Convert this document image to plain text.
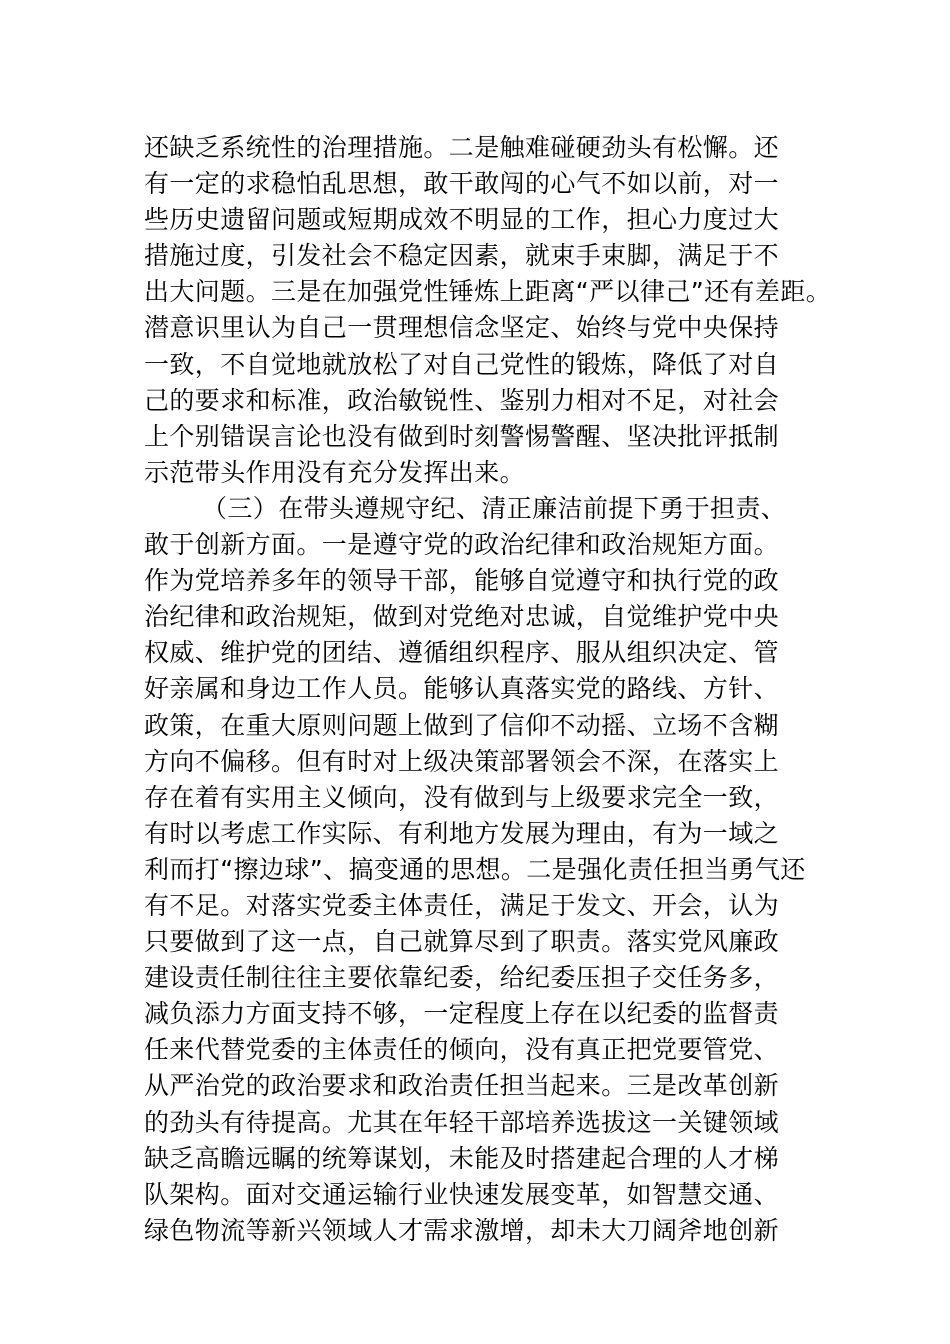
还缺乏系统性的治理措施。二是触难碰硬劲头有松懈。还
有一定的求稳怕乱思想，敢干敢闯的心气不如以前，对一
些历史遗留问题或短期成效不明显的工作，担心力度过大
措施过度，引发社会不稳定因素，就束手束脚，满足于不
出大问题。三是在加强党性锤炼上距离“严以律己”还有差距。
潜意识里认为自己一贯理想信念坚定、始终与党中央保持
一致，不自觉地就放松了对自己党性的锻炼，降低了对自
己的要求和标准，政治敏锐性、鉴别力相对不足，对社会
上个别错误言论也没有做到时刻警惕警醒、坚决批评抵制
示范带头作用没有充分发挥出来。
（三）在带头遵规守纪、清正廉洁前提下勇于担责、
敢于创新方面。一是遵守党的政治纪律和政治规矩方面。
作为党培养多年的领导干部，能够自觉遵守和执行党的政
治纪律和政治规矩，做到对党绝对忠诚，自觉维护党中央
权威、维护党的团结、遵循组织程序、服从组织决定、管
好亲属和身边工作人员。能够认真落实党的路线、方针、
政策，在重大原则问题上做到了信仰不动摇、立场不含糊
方向不偏移。但有时对上级决策部署领会不深，在落实上
存在着有实用主义倾向，没有做到与上级要求完全一致，
有时以考虑工作实际、有利地方发展为理由，有为一域之
利而打“擦边球”、搞变通的思想。二是强化责任担当勇气还
有不足。对落实党委主体责任，满足于发文、开会，认为
只要做到了这一点，自己就算尽到了职责。落实党风廉政
建设责任制往往主要依靠纪委，给纪委压担子交任务多，
减负添力方面支持不够，一定程度上存在以纪委的监督责
任来代替党委的主体责任的倾向，没有真正把党要管党、
从严治党的政治要求和政治责任担当起来。三是改革创新
的劲头有待提高。尤其在年轻干部培养选拔这一关键领域
缺乏高瞻远瞩的统筹谋划，未能及时搭建起合理的人才梯
队架构。面对交通运输行业快速发展变革，如智慧交通、
绿色物流等新兴领域人才需求激增，却未大刀阔斧地创新
